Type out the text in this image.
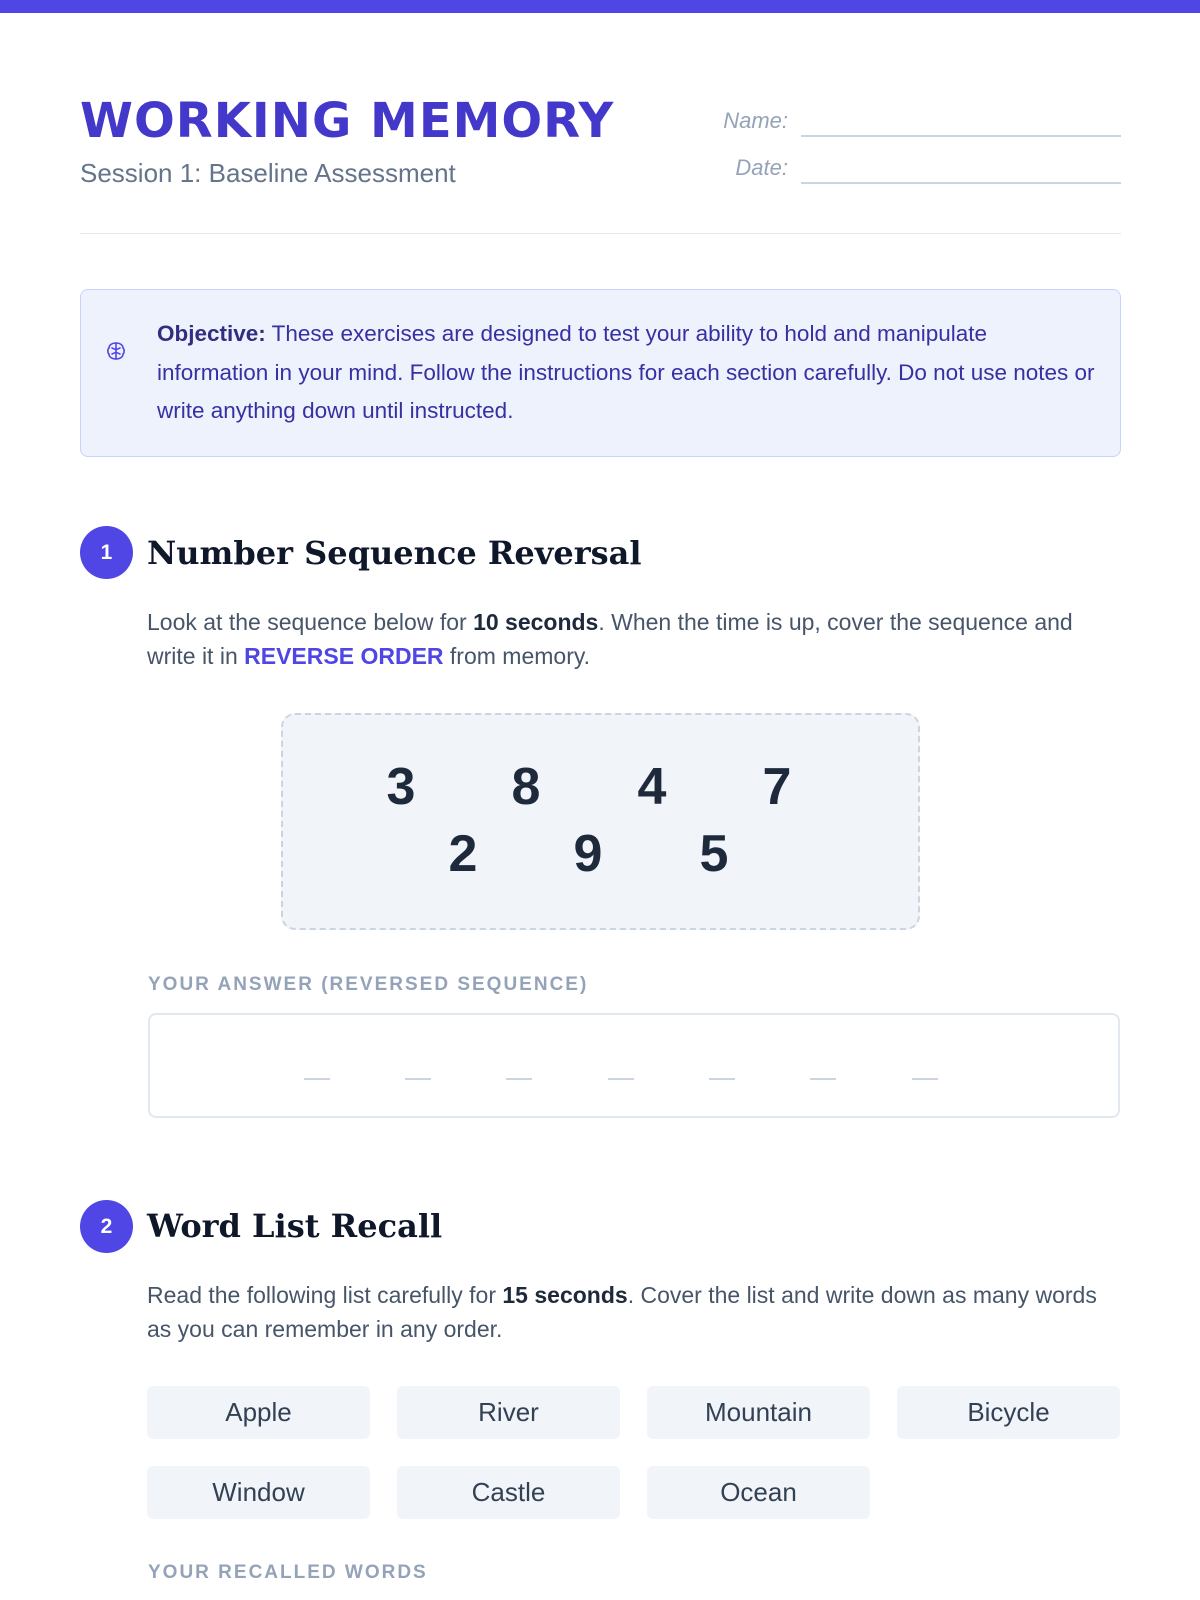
WORKING MEMORY
Session 1: Baseline Assessment
Name:
Date:
Objective: These exercises are designed to test your ability to hold and manipulate information in your mind. Follow the instructions for each section carefully. Do not use notes or write anything down until instructed.
1	Number Sequence Reversal

Look at the sequence below for 10 seconds. When the time is up, cover the sequence and write it in REVERSE ORDER from memory.

3 8 4 7
2 9 5
YOUR ANSWER (REVERSED SEQUENCE)
2	Word List Recall

Read the following list carefully for 15 seconds. Cover the list and write down as many words as you can remember in any order.

Apple	River	Mountain	Bicycle
Window	Castle	Ocean
YOUR RECALLED WORDS
